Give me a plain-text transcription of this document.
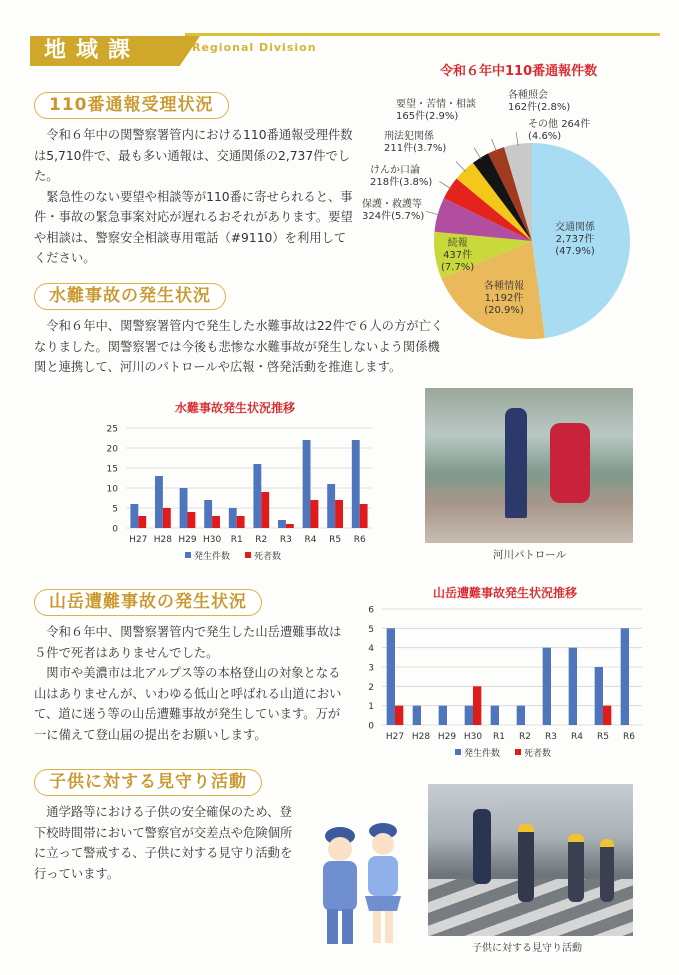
地域課	Regional Division
令和６年中110番通報件数
交通関係
2,737件
(47.9%)
各種情報
1,192件
(20.9%)
続報
437件
(7.7%)
保護・救護等
324件(5.7%)
けんか口論
218件(3.8%)
刑法犯関係
211件(3.7%)
要望・苦情・相談
165件(2.9%)
各種照会
162件(2.8%)
その他 264件
(4.6%)
110番通報受理状況

令和６年中の関警察署管内における110番通報受理件数は5,710件で、最も多い通報は、交通関係の2,737件でした。

緊急性のない要望や相談等が110番に寄せられると、事件・事故の緊急事案対応が遅れるおそれがあります。要望や相談は、警察安全相談専用電話（#9110）を利用してください。

水難事故の発生状況

令和６年中、関警察署管内で発生した水難事故は22件で６人の方が亡くなりました。関警察署では今後も悲惨な水難事故が発生しないよう関係機関と連携して、河川のパトロールや広報・啓発活動を推進します。

水難事故発生状況推移
0
5
10
15
20
25
H27 H28 H29 H30 R1 R2 R3 R4 R5 R6
発生件数	死者数	河川パトロール
山岳遭難事故の発生状況

令和６年中、関警察署管内で発生した山岳遭難事故は５件で死者はありませんでした。

関市や美濃市は北アルプス等の本格登山の対象となる山はありませんが、いわゆる低山と呼ばれる山道において、道に迷う等の山岳遭難事故が発生しています。万が一に備えて登山届の提出をお願いします。

山岳遭難事故発生状況推移
0
1
2
3
4
5
6
H27 H28 H29 H30 R1 R2 R3 R4 R5 R6
発生件数	死者数
子供に対する見守り活動

通学路等における子供の安全確保のため、登下校時間帯において警察官が交差点や危険個所に立って警戒する、子供に対する見守り活動を行っています。

子供に対する見守り活動
